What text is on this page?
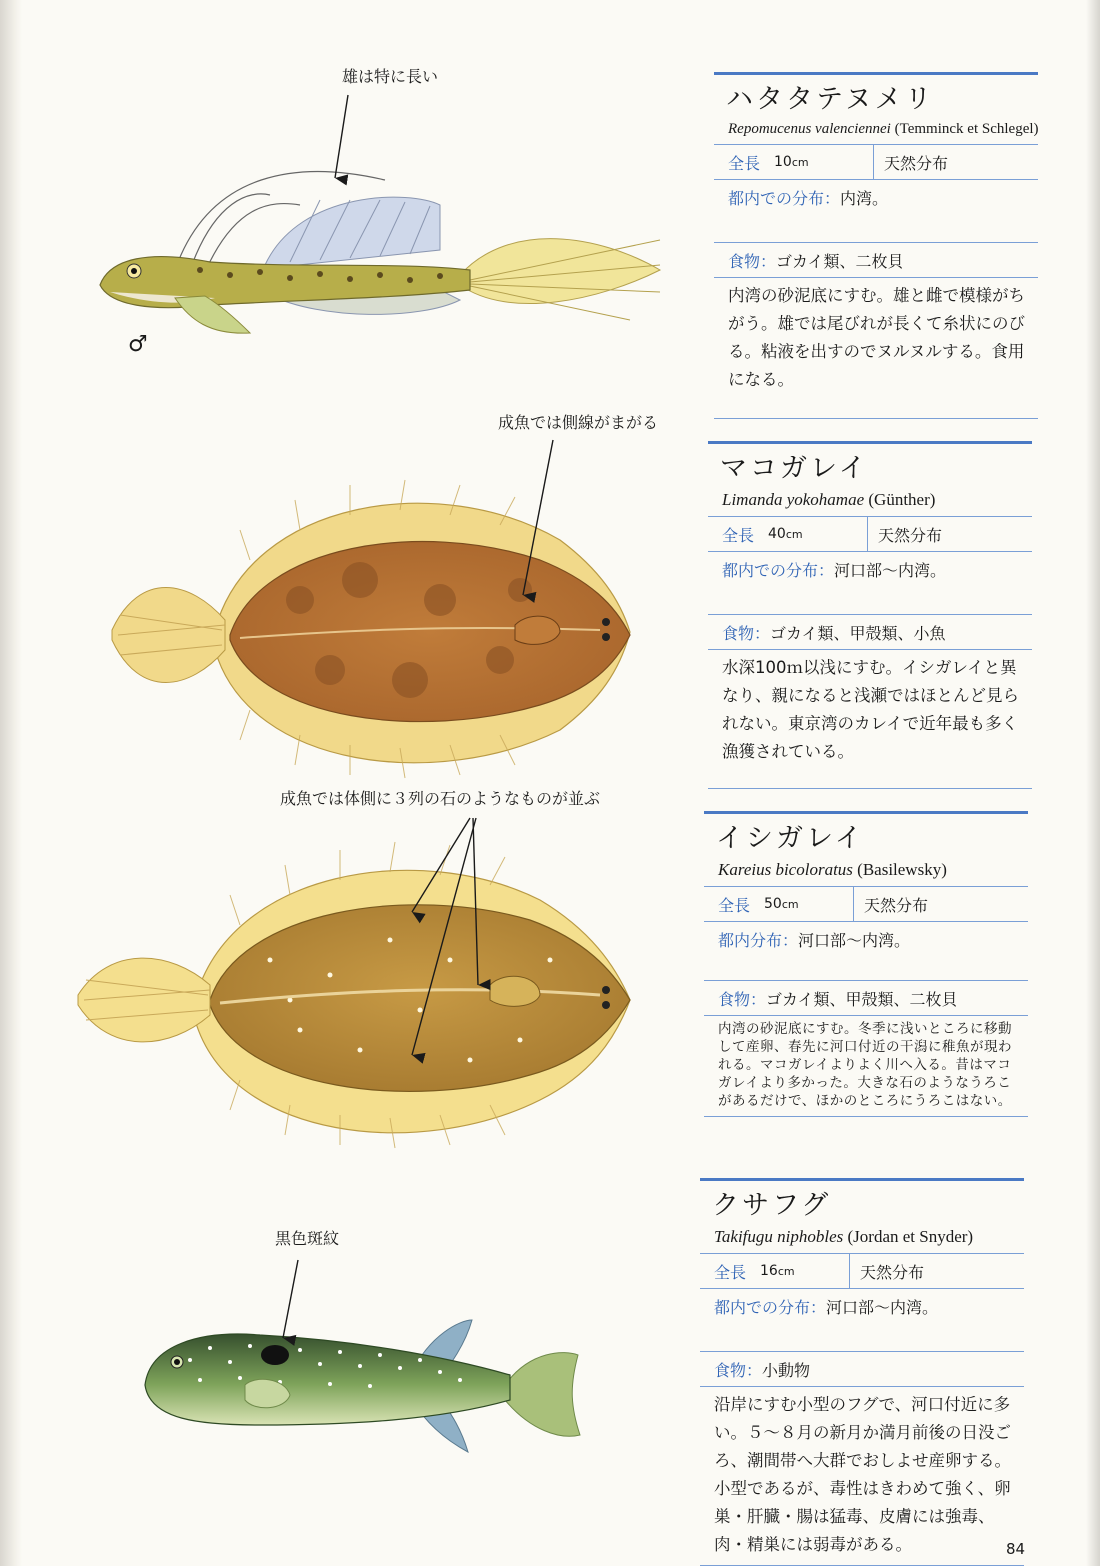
雄は特に長い
♂
成魚では側線がまがる
成魚では体側に３列の石のようなものが並ぶ
黒色斑紋
ハタタテヌメリ
Repomucenus valenciennei (Temminck et Schlegel)
全長 10cm	天然分布
都内での分布：内湾。
食物：ゴカイ類、二枚貝
内湾の砂泥底にすむ。雄と雌で模様がちがう。雄では尾びれが長くて糸状にのびる。粘液を出すのでヌルヌルする。食用になる。
マコガレイ
Limanda yokohamae (Günther)
全長 40cm	天然分布
都内での分布：河口部～内湾。
食物：ゴカイ類、甲殻類、小魚
水深100ｍ以浅にすむ。イシガレイと異なり、親になると浅瀬ではほとんど見られない。東京湾のカレイで近年最も多く漁獲されている。
イシガレイ
Kareius bicoloratus (Basilewsky)
全長 50cm	天然分布
都内分布：河口部～内湾。
食物：ゴカイ類、甲殻類、二枚貝
内湾の砂泥底にすむ。冬季に浅いところに移動して産卵、春先に河口付近の干潟に稚魚が現われる。マコガレイよりよく川へ入る。昔はマコガレイより多かった。大きな石のようなうろこがあるだけで、ほかのところにうろこはない。
クサフグ
Takifugu niphobles (Jordan et Snyder)
全長 16cm	天然分布
都内での分布：河口部～内湾。
食物：小動物
沿岸にすむ小型のフグで、河口付近に多い。５～８月の新月か満月前後の日没ごろ、潮間帯へ大群でおしよせ産卵する。小型であるが、毒性はきわめて強く、卵巣・肝臓・腸は猛毒、皮膚には強毒、肉・精巣には弱毒がある。	84
